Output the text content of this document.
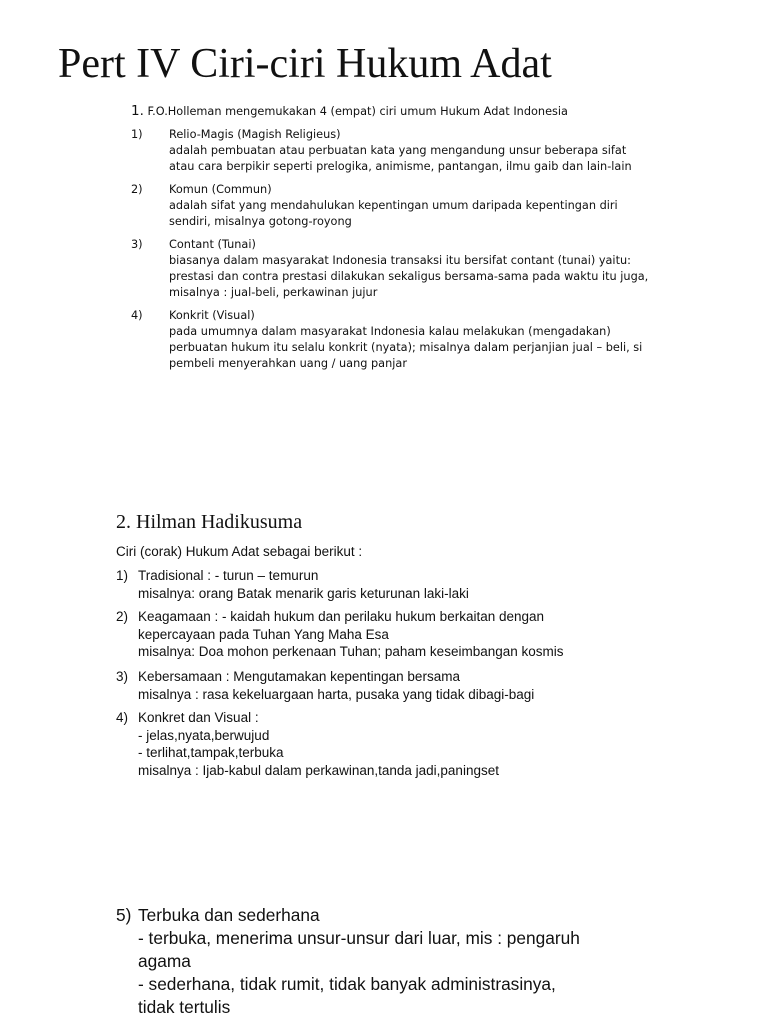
Pert IV Ciri-ciri Hukum Adat
1. F.O.Holleman mengemukakan 4 (empat) ciri umum Hukum Adat Indonesia
1) Relio-Magis (Magish Religieus)
adalah pembuatan atau perbuatan kata yang mengandung unsur beberapa sifat
atau cara berpikir seperti prelogika, animisme, pantangan, ilmu gaib dan lain-lain
2) Komun (Commun)
adalah sifat yang mendahulukan kepentingan umum daripada kepentingan diri
sendiri, misalnya gotong-royong
3) Contant (Tunai)
biasanya dalam masyarakat Indonesia transaksi itu bersifat contant (tunai) yaitu:
prestasi dan contra prestasi dilakukan sekaligus bersama-sama pada waktu itu juga,
misalnya : jual-beli, perkawinan jujur
4) Konkrit (Visual)
pada umumnya dalam masyarakat Indonesia kalau melakukan (mengadakan)
perbuatan hukum itu selalu konkrit (nyata); misalnya dalam perjanjian jual – beli, si
pembeli menyerahkan uang / uang panjar
2. Hilman Hadikusuma
Ciri (corak) Hukum Adat sebagai berikut :
1) Tradisional : - turun – temurun
misalnya: orang Batak menarik garis keturunan laki-laki
2) Keagamaan : - kaidah hukum dan perilaku hukum berkaitan dengan
kepercayaan pada Tuhan Yang Maha Esa
misalnya: Doa mohon perkenaan Tuhan; paham keseimbangan kosmis
3) Kebersamaan : Mengutamakan kepentingan bersama
misalnya : rasa kekeluargaan harta, pusaka yang tidak dibagi-bagi
4) Konkret dan Visual :
- jelas,nyata,berwujud
- terlihat,tampak,terbuka
misalnya : Ijab-kabul dalam perkawinan,tanda jadi,paningset
5) Terbuka dan sederhana
- terbuka, menerima unsur-unsur dari luar, mis : pengaruh
agama
- sederhana, tidak rumit, tidak banyak administrasinya,
tidak tertulis
